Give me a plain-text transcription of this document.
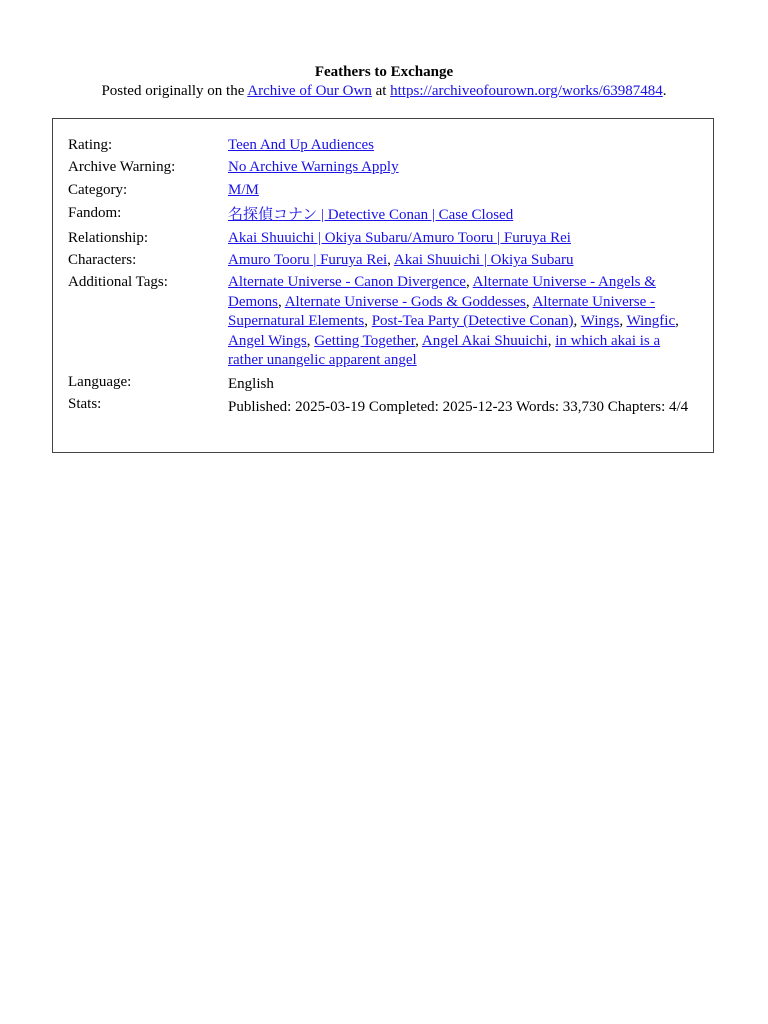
Feathers to Exchange
Posted originally on the Archive of Our Own at https://archiveofourown.org/works/63987484.
Rating:	Teen And Up Audiences
Archive Warning:	No Archive Warnings Apply
Category:	M/M
Fandom:	名探偵コナン | Detective Conan | Case Closed
Relationship:	Akai Shuuichi | Okiya Subaru/Amuro Tooru | Furuya Rei
Characters:	Amuro Tooru | Furuya Rei, Akai Shuuichi | Okiya Subaru
Additional Tags:	Alternate Universe - Canon Divergence, Alternate Universe - Angels & Demons, Alternate Universe - Gods & Goddesses, Alternate Universe - Supernatural Elements, Post-Tea Party (Detective Conan), Wings, Wingfic, Angel Wings, Getting Together, Angel Akai Shuuichi, in which akai is a rather unangelic apparent angel
Language:	English
Stats:	Published: 2025-03-19 Completed: 2025-12-23 Words: 33,730 Chapters: 4/4
